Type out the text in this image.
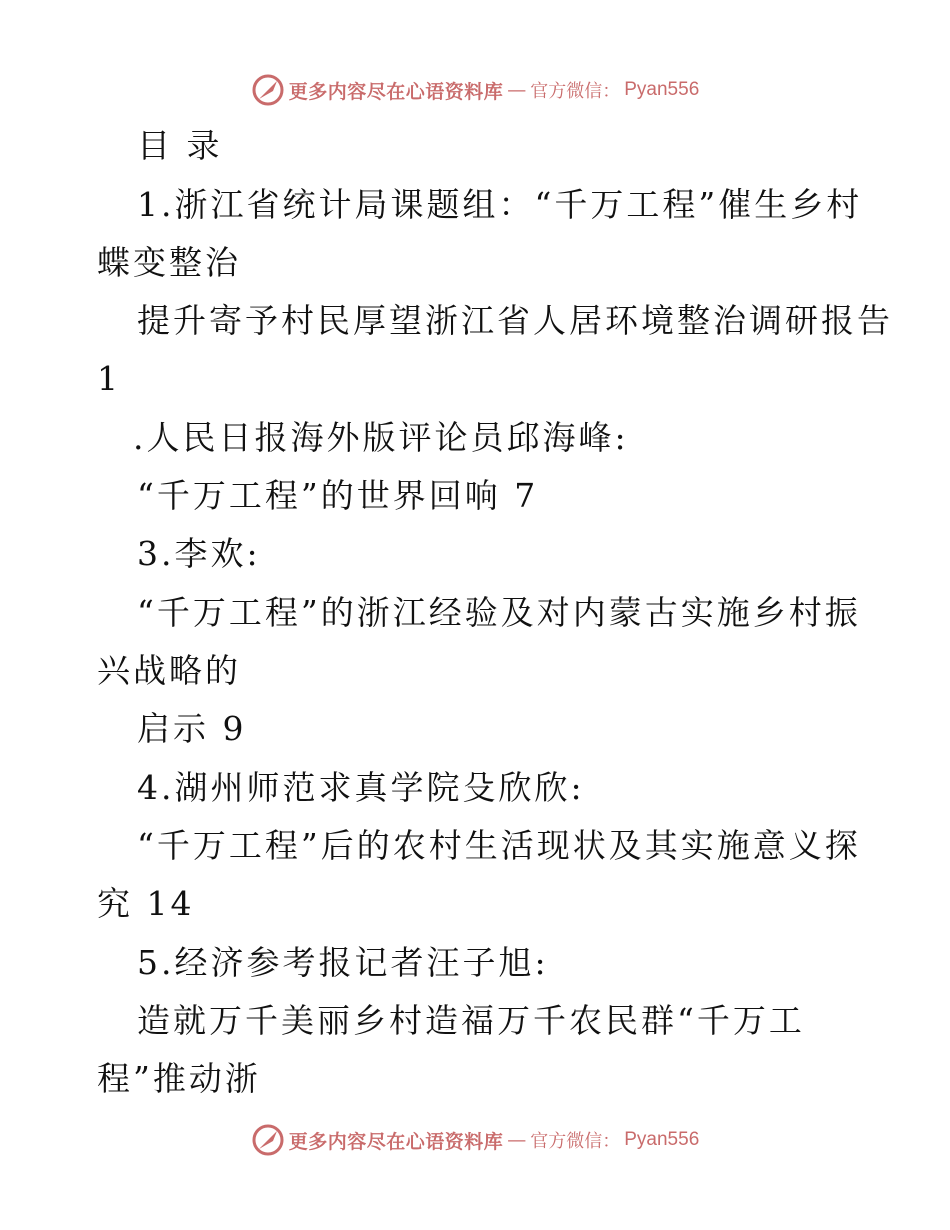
更多内容尽在心语资料库 — 官方微信： Pyan556
目 录
1.浙江省统计局课题组：“千万工程”催生乡村
蝶变整治
提升寄予村民厚望浙江省人居环境整治调研报告
1
.人民日报海外版评论员邱海峰:
“千万工程”的世界回响 7
3.李欢:
“千万工程”的浙江经验及对内蒙古实施乡村振
兴战略的
启示 9
4.湖州师范求真学院殳欣欣:
“千万工程”后的农村生活现状及其实施意义探
究 14
5.经济参考报记者汪子旭:
造就万千美丽乡村造福万千农民群“千万工
程”推动浙
更多内容尽在心语资料库 — 官方微信： Pyan556
